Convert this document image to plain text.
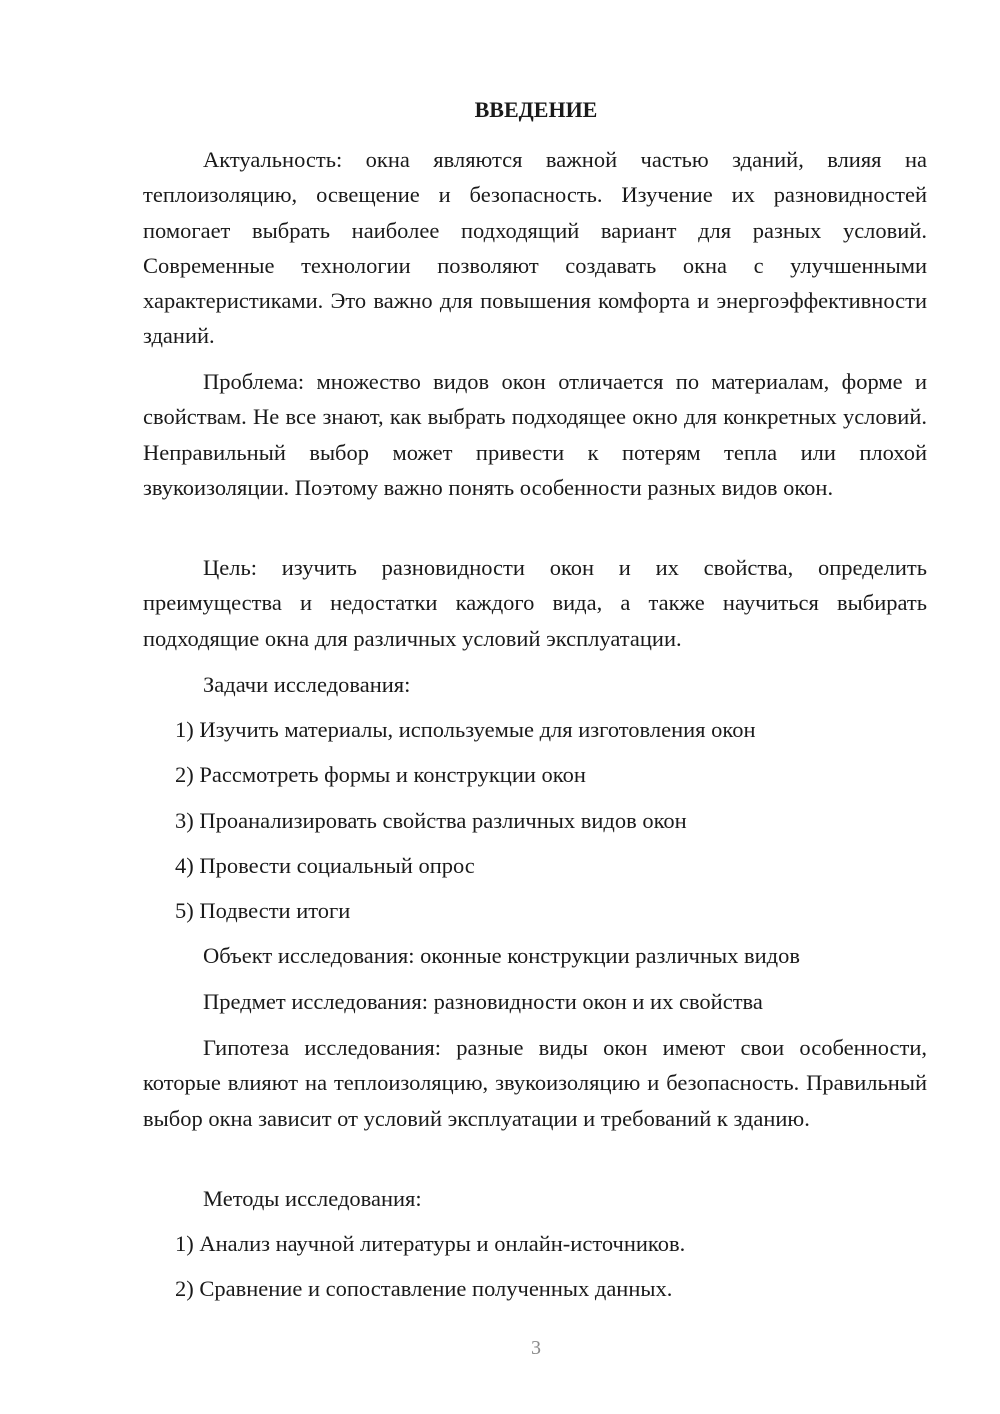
ВВЕДЕНИЕ

Актуальность: окна являются важной частью зданий, влияя на теплоизоляцию, освещение и безопасность. Изучение их разновидностей помогает выбрать наиболее подходящий вариант для разных условий. Современные технологии позволяют создавать окна с улучшенными характеристиками. Это важно для повышения комфорта и энергоэффективности зданий.

Проблема: множество видов окон отличается по материалам, форме и свойствам. Не все знают, как выбрать подходящее окно для конкретных условий. Неправильный выбор может привести к потерям тепла или плохой звукоизоляции. Поэтому важно понять особенности разных видов окон.

Цель: изучить разновидности окон и их свойства, определить преимущества и недостатки каждого вида, а также научиться выбирать подходящие окна для различных условий эксплуатации.

Задачи исследования:

1) Изучить материалы, используемые для изготовления окон

2) Рассмотреть формы и конструкции окон

3) Проанализировать свойства различных видов окон

4) Провести социальный опрос

5) Подвести итоги

Объект исследования: оконные конструкции различных видов

Предмет исследования: разновидности окон и их свойства

Гипотеза исследования: разные виды окон имеют свои особенности, которые влияют на теплоизоляцию, звукоизоляцию и безопасность. Правильный выбор окна зависит от условий эксплуатации и требований к зданию.

Методы исследования:

1) Анализ научной литературы и онлайн-источников.

2) Сравнение и сопоставление полученных данных.

3
